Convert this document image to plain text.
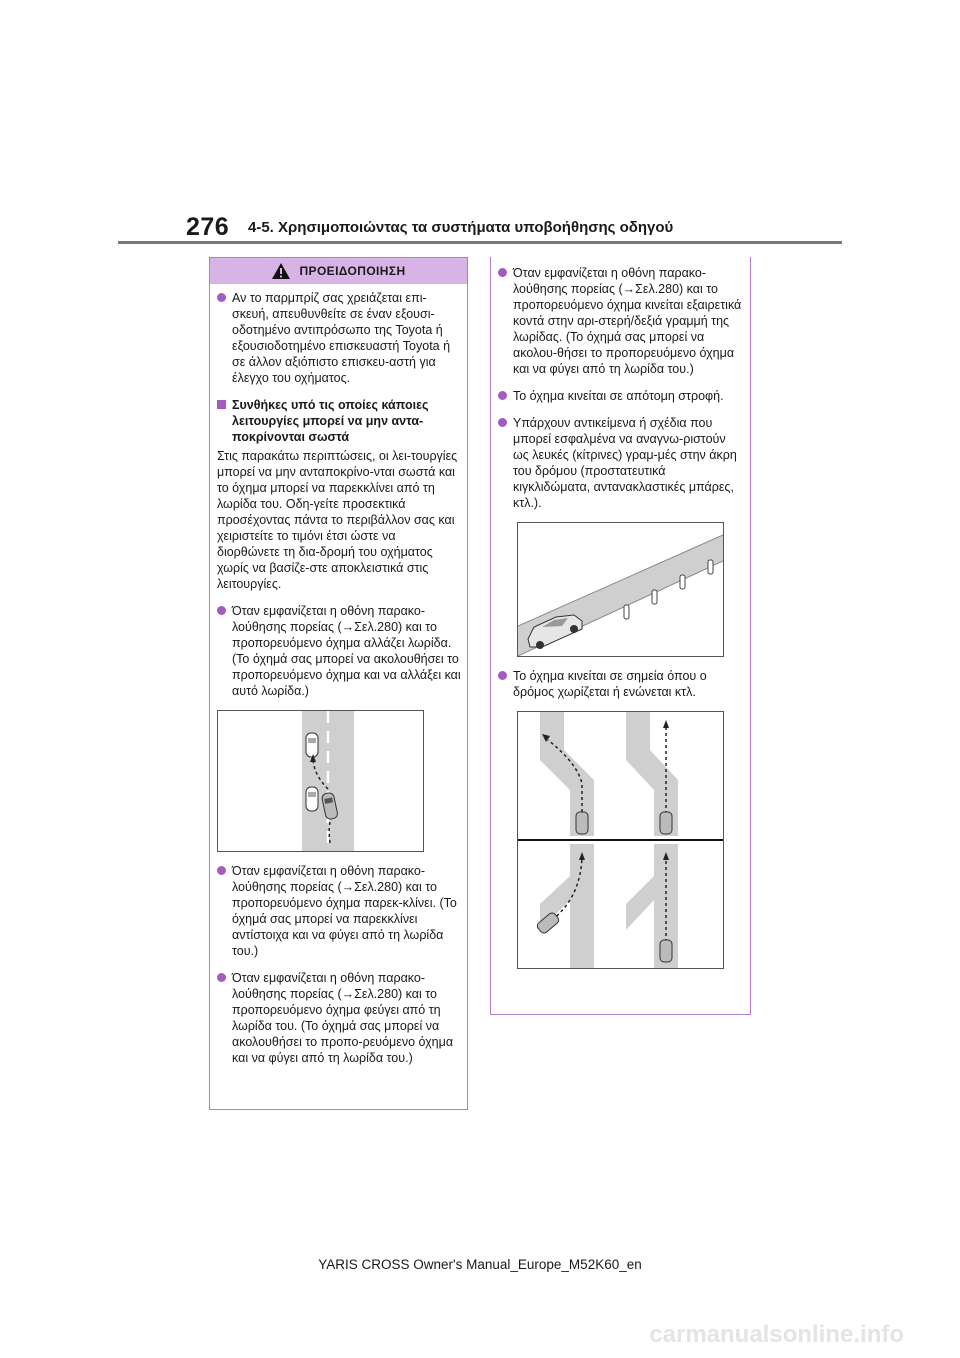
276 4-5. Χρησιμοποιώντας τα συστήματα υποβοήθησης οδηγού
ΠΡΟΕΙΔΟΠΟΙΗΣΗ
Αν το παρμπρίζ σας χρειάζεται επι-σκευή, απευθυνθείτε σε έναν εξουσι-οδοτημένο αντιπρόσωπο της Toyota ή εξουσιοδοτημένο επισκευαστή Toyota ή σε άλλον αξιόπιστο επισκευ-αστή για έλεγχο του οχήματος.
Συνθήκες υπό τις οποίες κάποιες λειτουργίες μπορεί να μην αντα-ποκρίνονται σωστά
Στις παρακάτω περιπτώσεις, οι λει-τουργίες μπορεί να μην ανταποκρίνο-νται σωστά και το όχημα μπορεί να παρεκκλίνει από τη λωρίδα του. Οδη-γείτε προσεκτικά προσέχοντας πάντα το περιβάλλον σας και χειριστείτε το τιμόνι έτσι ώστε να διορθώνετε τη δια-δρομή του οχήματος χωρίς να βασίζε-στε αποκλειστικά στις λειτουργίες.
Όταν εμφανίζεται η οθόνη παρακο-λούθησης πορείας (→Σελ.280) και το προπορευόμενο όχημα αλλάζει λωρίδα. (Το όχημά σας μπορεί να ακολουθήσει το προπορευόμενο όχημα και να αλλάξει και αυτό λωρίδα.)
Όταν εμφανίζεται η οθόνη παρακο-λούθησης πορείας (→Σελ.280) και το προπορευόμενο όχημα παρεκ-κλίνει. (Το όχημά σας μπορεί να παρεκκλίνει αντίστοιχα και να φύγει από τη λωρίδα του.)
Όταν εμφανίζεται η οθόνη παρακο-λούθησης πορείας (→Σελ.280) και το προπορευόμενο όχημα φεύγει από τη λωρίδα του. (Το όχημά σας μπορεί να ακολουθήσει το προπο-ρευόμενο όχημα και να φύγει από τη λωρίδα του.)
Όταν εμφανίζεται η οθόνη παρακο-λούθησης πορείας (→Σελ.280) και το προπορευόμενο όχημα κινείται εξαιρετικά κοντά στην αρι-στερή/δεξιά γραμμή της λωρίδας. (Το όχημά σας μπορεί να ακολου-θήσει το προπορευόμενο όχημα και να φύγει από τη λωρίδα του.)
Το όχημα κινείται σε απότομη στροφή.
Υπάρχουν αντικείμενα ή σχέδια που μπορεί εσφαλμένα να αναγνω-ριστούν ως λευκές (κίτρινες) γραμ-μές στην άκρη του δρόμου (προστατευτικά κιγκλιδώματα, αντανακλαστικές μπάρες, κτλ.).
Το όχημα κινείται σε σημεία όπου ο δρόμος χωρίζεται ή ενώνεται κτλ.
YARIS CROSS Owner's Manual_Europe_M52K60_en
carmanualsonline.info
